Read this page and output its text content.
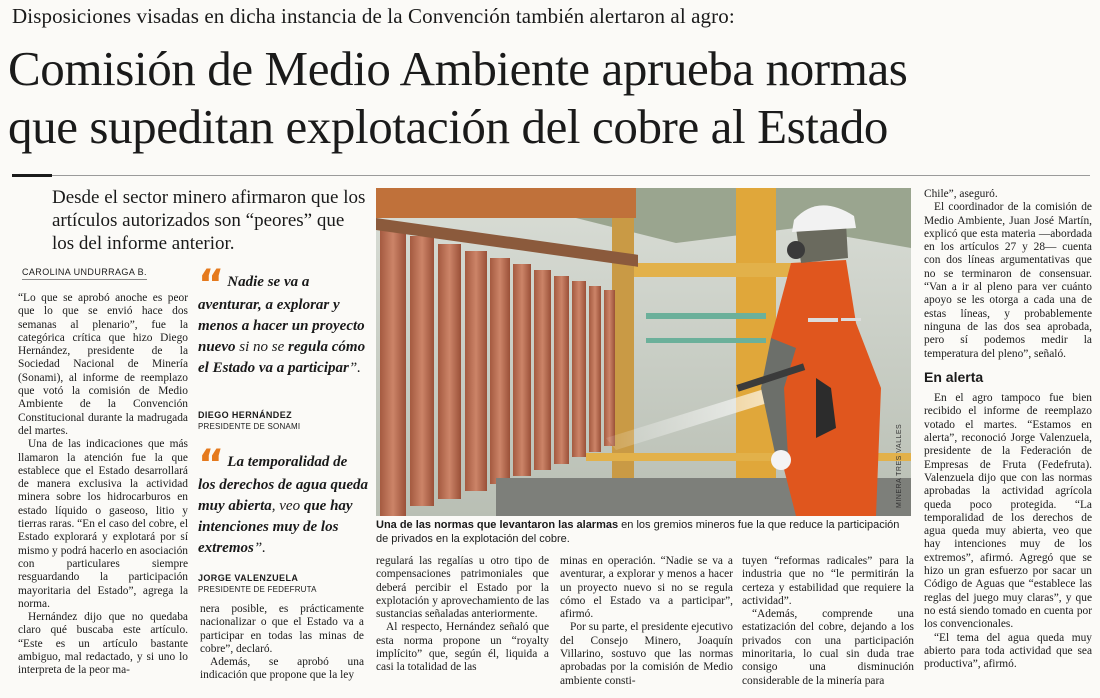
Disposiciones visadas en dicha instancia de la Convención también alertaron al agro:
Comisión de Medio Ambiente aprueba normas
que supeditan explotación del cobre al Estado
Desde el sector minero afirmaron que los artículos autorizados son “peores” que los del informe anterior.
CAROLINA UNDURRAGA B.

“Lo que se aprobó anoche es peor que lo que se envió hace dos semanas al plenario”, fue la categórica crítica que hizo Diego Hernández, presidente de la Sociedad Nacional de Minería (Sonami), al informe de reemplazo que votó la comisión de Medio Ambiente de la Convención Constitucional durante la madrugada del martes.

Una de las indicaciones que más llamaron la atención fue la que establece que el Estado desarrollará de manera exclusiva la actividad minera sobre los hidrocarburos en estado líquido o gaseoso, litio y tierras raras. “En el caso del cobre, el Estado explorará y explotará por sí mismo y podrá hacerlo en asociación con particulares siempre resguardando la participación mayoritaria del Estado”, agrega la norma.

Hernández dijo que no quedaba claro qué buscaba este artículo. “Este es un artículo bastante ambiguo, mal redactado, y si uno lo interpreta de la peor ma-

“ Nadie se va a aventurar, a explorar y menos a hacer un proyecto nuevo si no se regula cómo el Estado va a participar”.
DIEGO HERNÁNDEZ
PRESIDENTE DE SONAMI
“ La temporalidad de los derechos de agua queda muy abierta, veo que hay intenciones muy de los extremos”.
JORGE VALENZUELA
PRESIDENTE DE FEDEFRUTA

nera posible, es prácticamente nacionalizar o que el Estado va a participar en todas las minas de cobre”, declaró.

Además, se aprobó una indicación que propone que la ley

MINERA TRES VALLES
Una de las normas que levantaron las alarmas en los gremios mineros fue la que reduce la participación de privados en la explotación del cobre.

regulará las regalías u otro tipo de compensaciones patrimoniales que deberá percibir el Estado por la explotación y aprovechamiento de las sustancias señaladas anteriormente.

Al respecto, Hernández señaló que esta norma propone un “royalty implícito” que, según él, liquida a casi la totalidad de las

minas en operación. “Nadie se va a aventurar, a explorar y menos a hacer un proyecto nuevo si no se regula cómo el Estado va a participar”, afirmó.

Por su parte, el presidente ejecutivo del Consejo Minero, Joaquín Villarino, sostuvo que las normas aprobadas por la comisión de Medio ambiente consti-

tuyen “reformas radicales” para la industria que no “le permitirán la certeza y estabilidad que requiere la actividad”.

“Además, comprende una estatización del cobre, dejando a los privados con una participación minoritaria, lo cual sin duda trae consigo una disminución considerable de la minería para

Chile”, aseguró.

El coordinador de la comisión de Medio Ambiente, Juan José Martín, explicó que esta materia —abordada en los artículos 27 y 28— cuenta con dos líneas argumentativas que no se terminaron de consensuar. “Van a ir al pleno para ver cuánto apoyo se les otorga a cada una de estas líneas, y probablemente ninguna de las dos sea aprobada, pero sí podemos medir la temperatura del pleno”, señaló.

En alerta

En el agro tampoco fue bien recibido el informe de reemplazo votado el martes. “Estamos en alerta”, reconoció Jorge Valenzuela, presidente de la Federación de Empresas de Fruta (Fedefruta). Valenzuela dijo que con las normas aprobadas la actividad agrícola queda poco protegida. “La temporalidad de los derechos de agua queda muy abierta, veo que hay intenciones muy de los extremos”, afirmó. Agregó que se hizo un gran esfuerzo por sacar un Código de Aguas que “establece las reglas del juego muy claras”, y que no está siendo tomado en cuenta por los convencionales.

“El tema del agua queda muy abierto para toda actividad que sea productiva”, afirmó.
